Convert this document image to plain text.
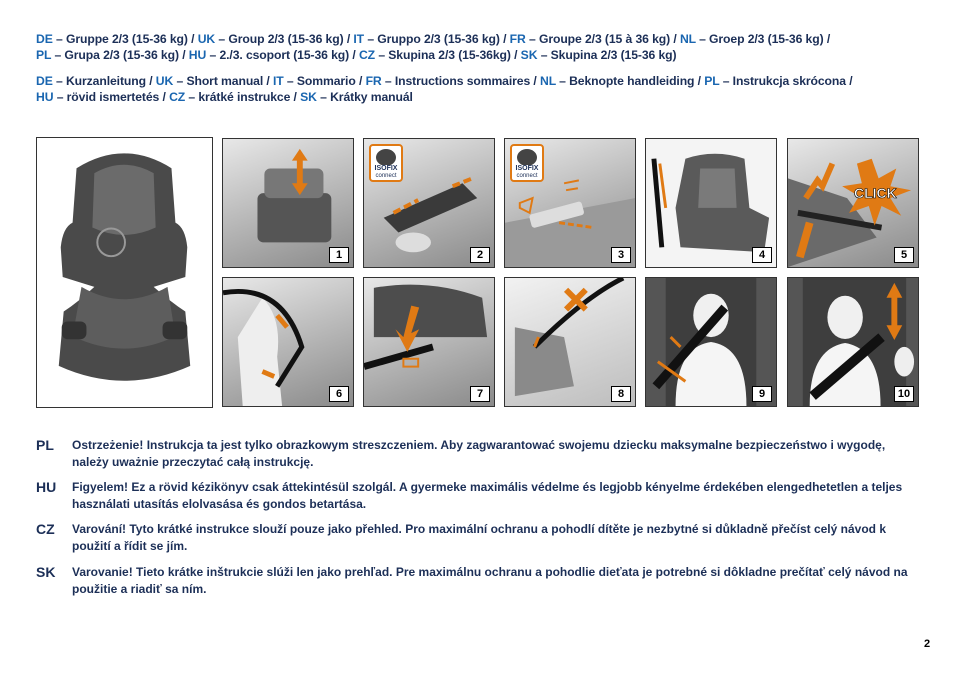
DE – Gruppe 2/3 (15-36 kg) / UK – Group 2/3 (15-36 kg) / IT – Gruppo 2/3 (15-36 kg) / FR – Groupe 2/3 (15 à 36 kg) / NL – Groep 2/3 (15-36 kg) /
PL – Grupa 2/3 (15-36 kg) / HU – 2./3. csoport (15-36 kg) / CZ – Skupina 2/3 (15-36kg) / SK – Skupina 2/3 (15-36 kg)
DE – Kurzanleitung / UK – Short manual / IT – Sommario / FR – Instructions sommaires / NL – Beknopte handleiding / PL – Instrukcja skrócona /
HU – rövid ismertetés / CZ – krátké instrukce / SK – Krátky manuál
1
ISOFIX
connect
2
ISOFIX
connect
3	4
CLICK
5
6	7	8	9	10
PL Ostrzeżenie! Instrukcja ta jest tylko obrazkowym streszczeniem. Aby zagwarantować swojemu dziecku maksymalne bezpieczeństwo i wygodę, należy uważnie przeczytać całą instrukcję.
HU Figyelem! Ez a rövid kézikönyv csak áttekintésül szolgál. A gyermeke maximális védelme és legjobb kényelme érdekében elengedhetetlen a teljes használati utasítás elolvasása és gondos betartása.
CZ Varování! Tyto krátké instrukce slouží pouze jako přehled. Pro maximální ochranu a pohodlí dítěte je nezbytné si důkladně přečíst celý návod k použití a řídit se jím.
SK Varovanie! Tieto krátke inštrukcie slúži len jako prehľad. Pre maximálnu ochranu a pohodlie dieťata je potrebné si dôkladne prečítať celý návod na použitie a riadiť sa ním.
2
